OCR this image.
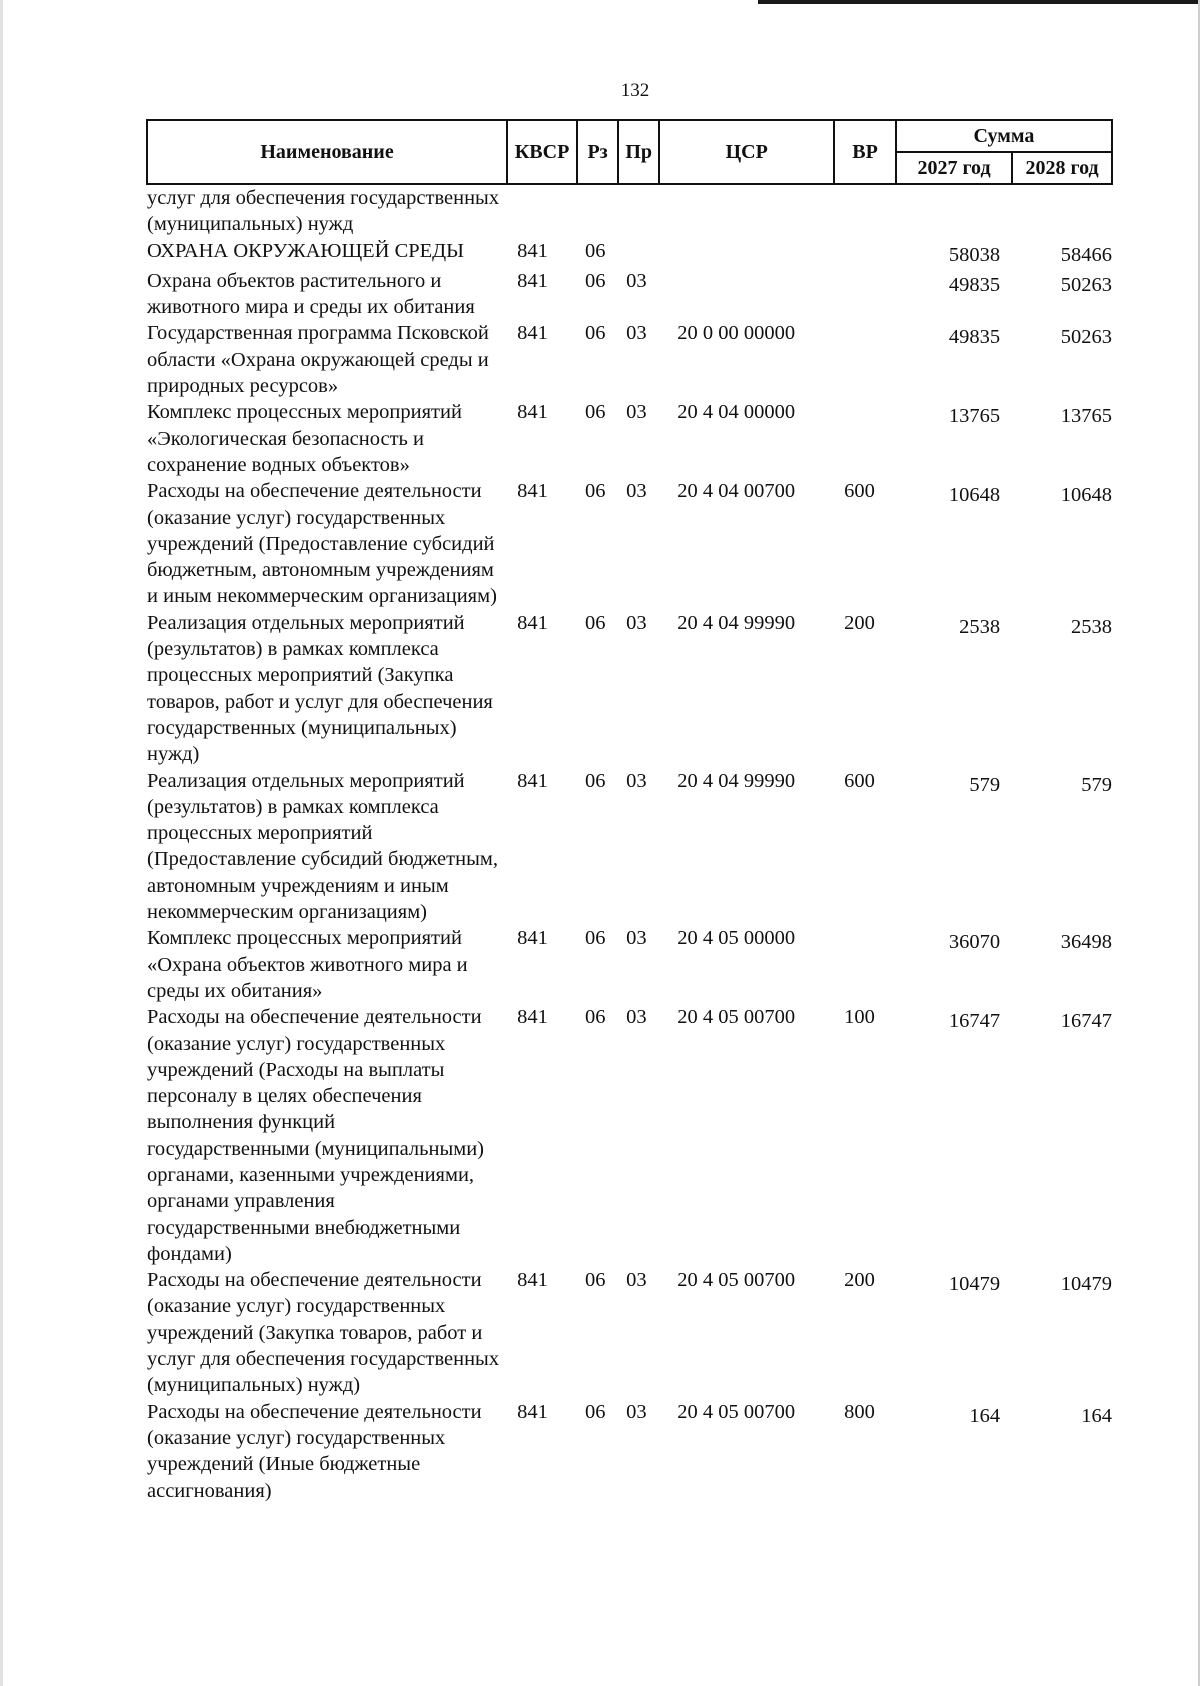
132
Наименование	КВСР	Рз	Пр	ЦСР	ВР	Сумма	
						2027 год	2028 год
услуг для обеспечения государственных (муниципальных) нужд							
ОХРАНА ОКРУЖАЮЩЕЙ СРЕДЫ	841	06				58038	58466
Охрана объектов растительного и животного мира и среды их обитания	841	06	03			49835	50263
Государственная программа Псковской области «Охрана окружающей среды и природных ресурсов»	841	06	03	20 0 00 00000		49835	50263
Комплекс процессных мероприятий «Экологическая безопасность и сохранение водных объектов»	841	06	03	20 4 04 00000		13765	13765
Расходы на обеспечение деятельности (оказание услуг) государственных учреждений (Предоставление субсидий бюджетным, автономным учреждениям и иным некоммерческим организациям)	841	06	03	20 4 04 00700	600	10648	10648
Реализация отдельных мероприятий (результатов) в рамках комплекса процессных мероприятий (Закупка товаров, работ и услуг для обеспечения государственных (муниципальных) нужд)	841	06	03	20 4 04 99990	200	2538	2538
Реализация отдельных мероприятий (результатов) в рамках комплекса процессных мероприятий (Предоставление субсидий бюджетным, автономным учреждениям и иным некоммерческим организациям)	841	06	03	20 4 04 99990	600	579	579
Комплекс процессных мероприятий «Охрана объектов животного мира и среды их обитания»	841	06	03	20 4 05 00000		36070	36498
Расходы на обеспечение деятельности (оказание услуг) государственных учреждений (Расходы на выплаты персоналу в целях обеспечения выполнения функций государственными (муниципальными) органами, казенными учреждениями, органами управления государственными внебюджетными фондами)	841	06	03	20 4 05 00700	100	16747	16747
Расходы на обеспечение деятельности (оказание услуг) государственных учреждений (Закупка товаров, работ и услуг для обеспечения государственных (муниципальных) нужд)	841	06	03	20 4 05 00700	200	10479	10479
Расходы на обеспечение деятельности (оказание услуг) государственных учреждений (Иные бюджетные ассигнования)	841	06	03	20 4 05 00700	800	164	164
